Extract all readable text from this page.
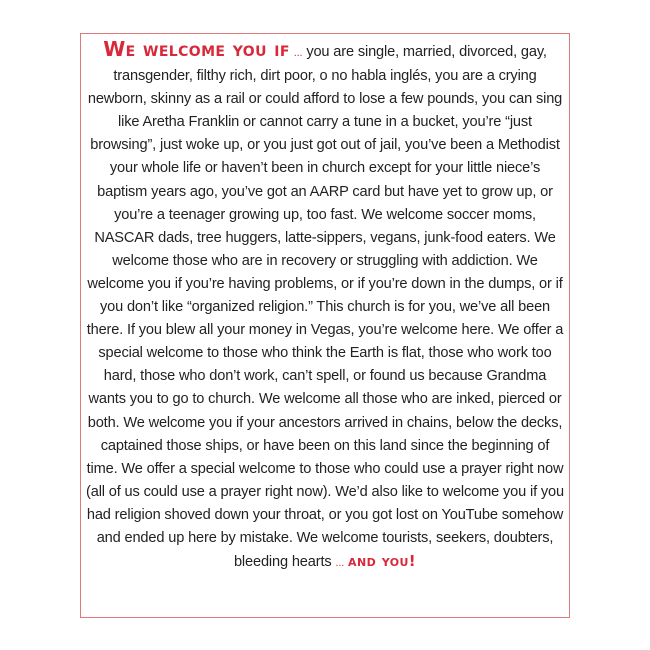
We welcome you if ... you are single, married, divorced, gay, transgender, filthy rich, dirt poor, o no habla inglés, you are a crying newborn, skinny as a rail or could afford to lose a few pounds, you can sing like Aretha Franklin or cannot carry a tune in a bucket, you’re “just browsing”, just woke up, or you just got out of jail, you’ve been a Methodist your whole life or haven’t been in church except for your little niece’s baptism years ago, you’ve got an AARP card but have yet to grow up, or you’re a teenager growing up, too fast. We welcome soccer moms, NASCAR dads, tree huggers, latte-sippers, vegans, junk-food eaters. We welcome those who are in recovery or struggling with addiction. We welcome you if you’re having problems, or if you’re down in the dumps, or if you don’t like “organized religion.” This church is for you, we’ve all been there. If you blew all your money in Vegas, you’re welcome here. We offer a special welcome to those who think the Earth is flat, those who work too hard, those who don’t work, can’t spell, or found us because Grandma wants you to go to church. We welcome all those who are inked, pierced or both. We welcome you if your ancestors arrived in chains, below the decks, captained those ships, or have been on this land since the beginning of time. We offer a special welcome to those who could use a prayer right now (all of us could use a prayer right now). We’d also like to welcome you if you had religion shoved down your throat, or you got lost on YouTube somehow and ended up here by mistake. We welcome tourists, seekers, doubters, bleeding hearts ... and you!
